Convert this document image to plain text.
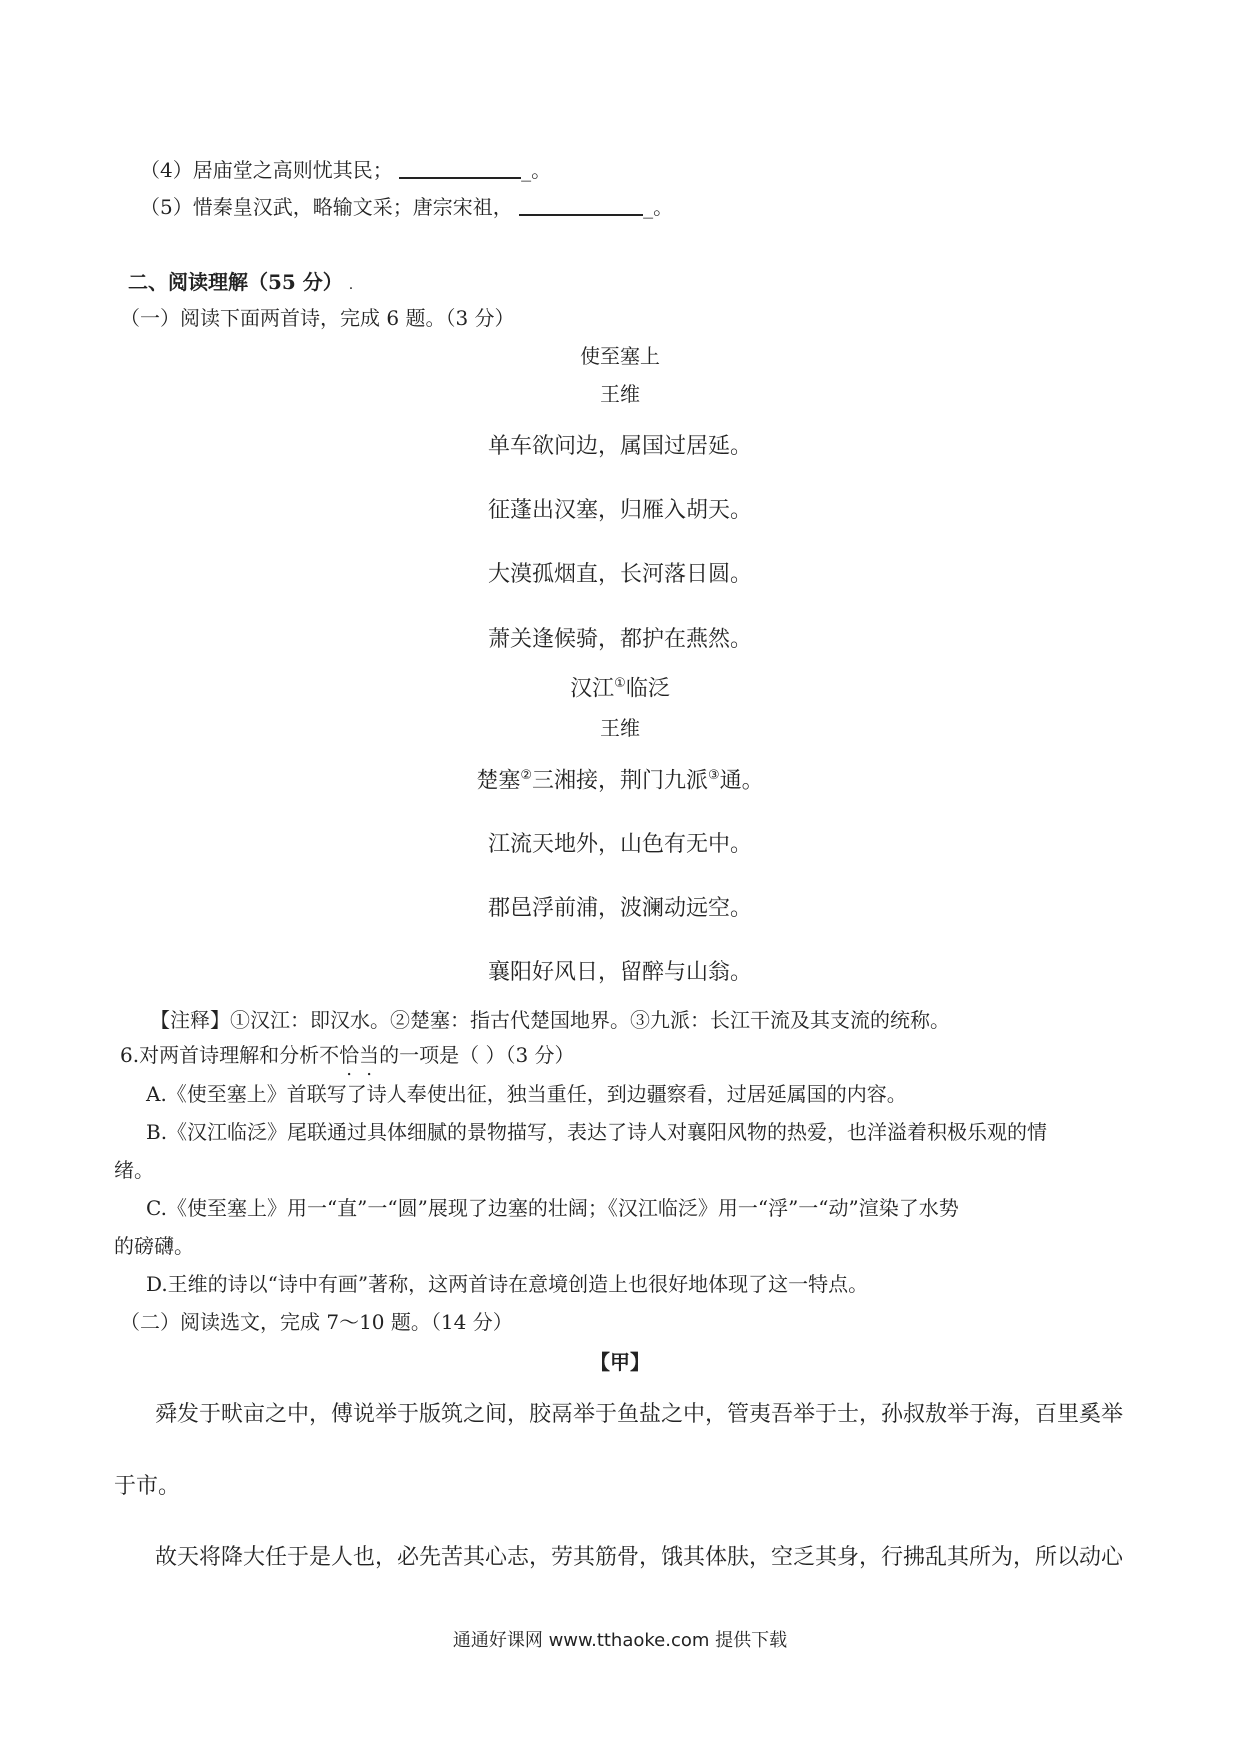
（4）居庙堂之高则忧其民；	_。
（5）惜秦皇汉武，略输文采；唐宗宋祖，	_。
二、阅读理解（55 分） .
（一）阅读下面两首诗，完成 6 题。（3 分）
使至塞上
王维
单车欲问边，属国过居延。
征蓬出汉塞，归雁入胡天。
大漠孤烟直，长河落日圆。
萧关逢候骑，都护在燕然。
汉江①临泛
王维
楚塞②三湘接，荆门九派③通。
江流天地外，山色有无中。
郡邑浮前浦，波澜动远空。
襄阳好风日，留醉与山翁。
【注释】①汉江：即汉水。②楚塞：指古代楚国地界。③九派：长江干流及其支流的统称。
6.对两首诗理解和分析不恰当的一项是（ ）（3 分）
A.《使至塞上》首联写了诗人奉使出征，独当重任，到边疆察看，过居延属国的内容。
B.《汉江临泛》尾联通过具体细腻的景物描写，表达了诗人对襄阳风物的热爱，也洋溢着积极乐观的情
绪。
C.《使至塞上》用一“直”一“圆”展现了边塞的壮阔；《汉江临泛》用一“浮”一“动”渲染了水势
的磅礴。
D.王维的诗以“诗中有画”著称，这两首诗在意境创造上也很好地体现了这一特点。
（二）阅读选文，完成 7～10 题。（14 分）
【甲】
舜发于畎亩之中，傅说举于版筑之间，胶鬲举于鱼盐之中，管夷吾举于士，孙叔敖举于海，百里奚举
于市。
故天将降大任于是人也，必先苦其心志，劳其筋骨，饿其体肤，空乏其身，行拂乱其所为，所以动心
通通好课网 www.tthaoke.com 提供下载
